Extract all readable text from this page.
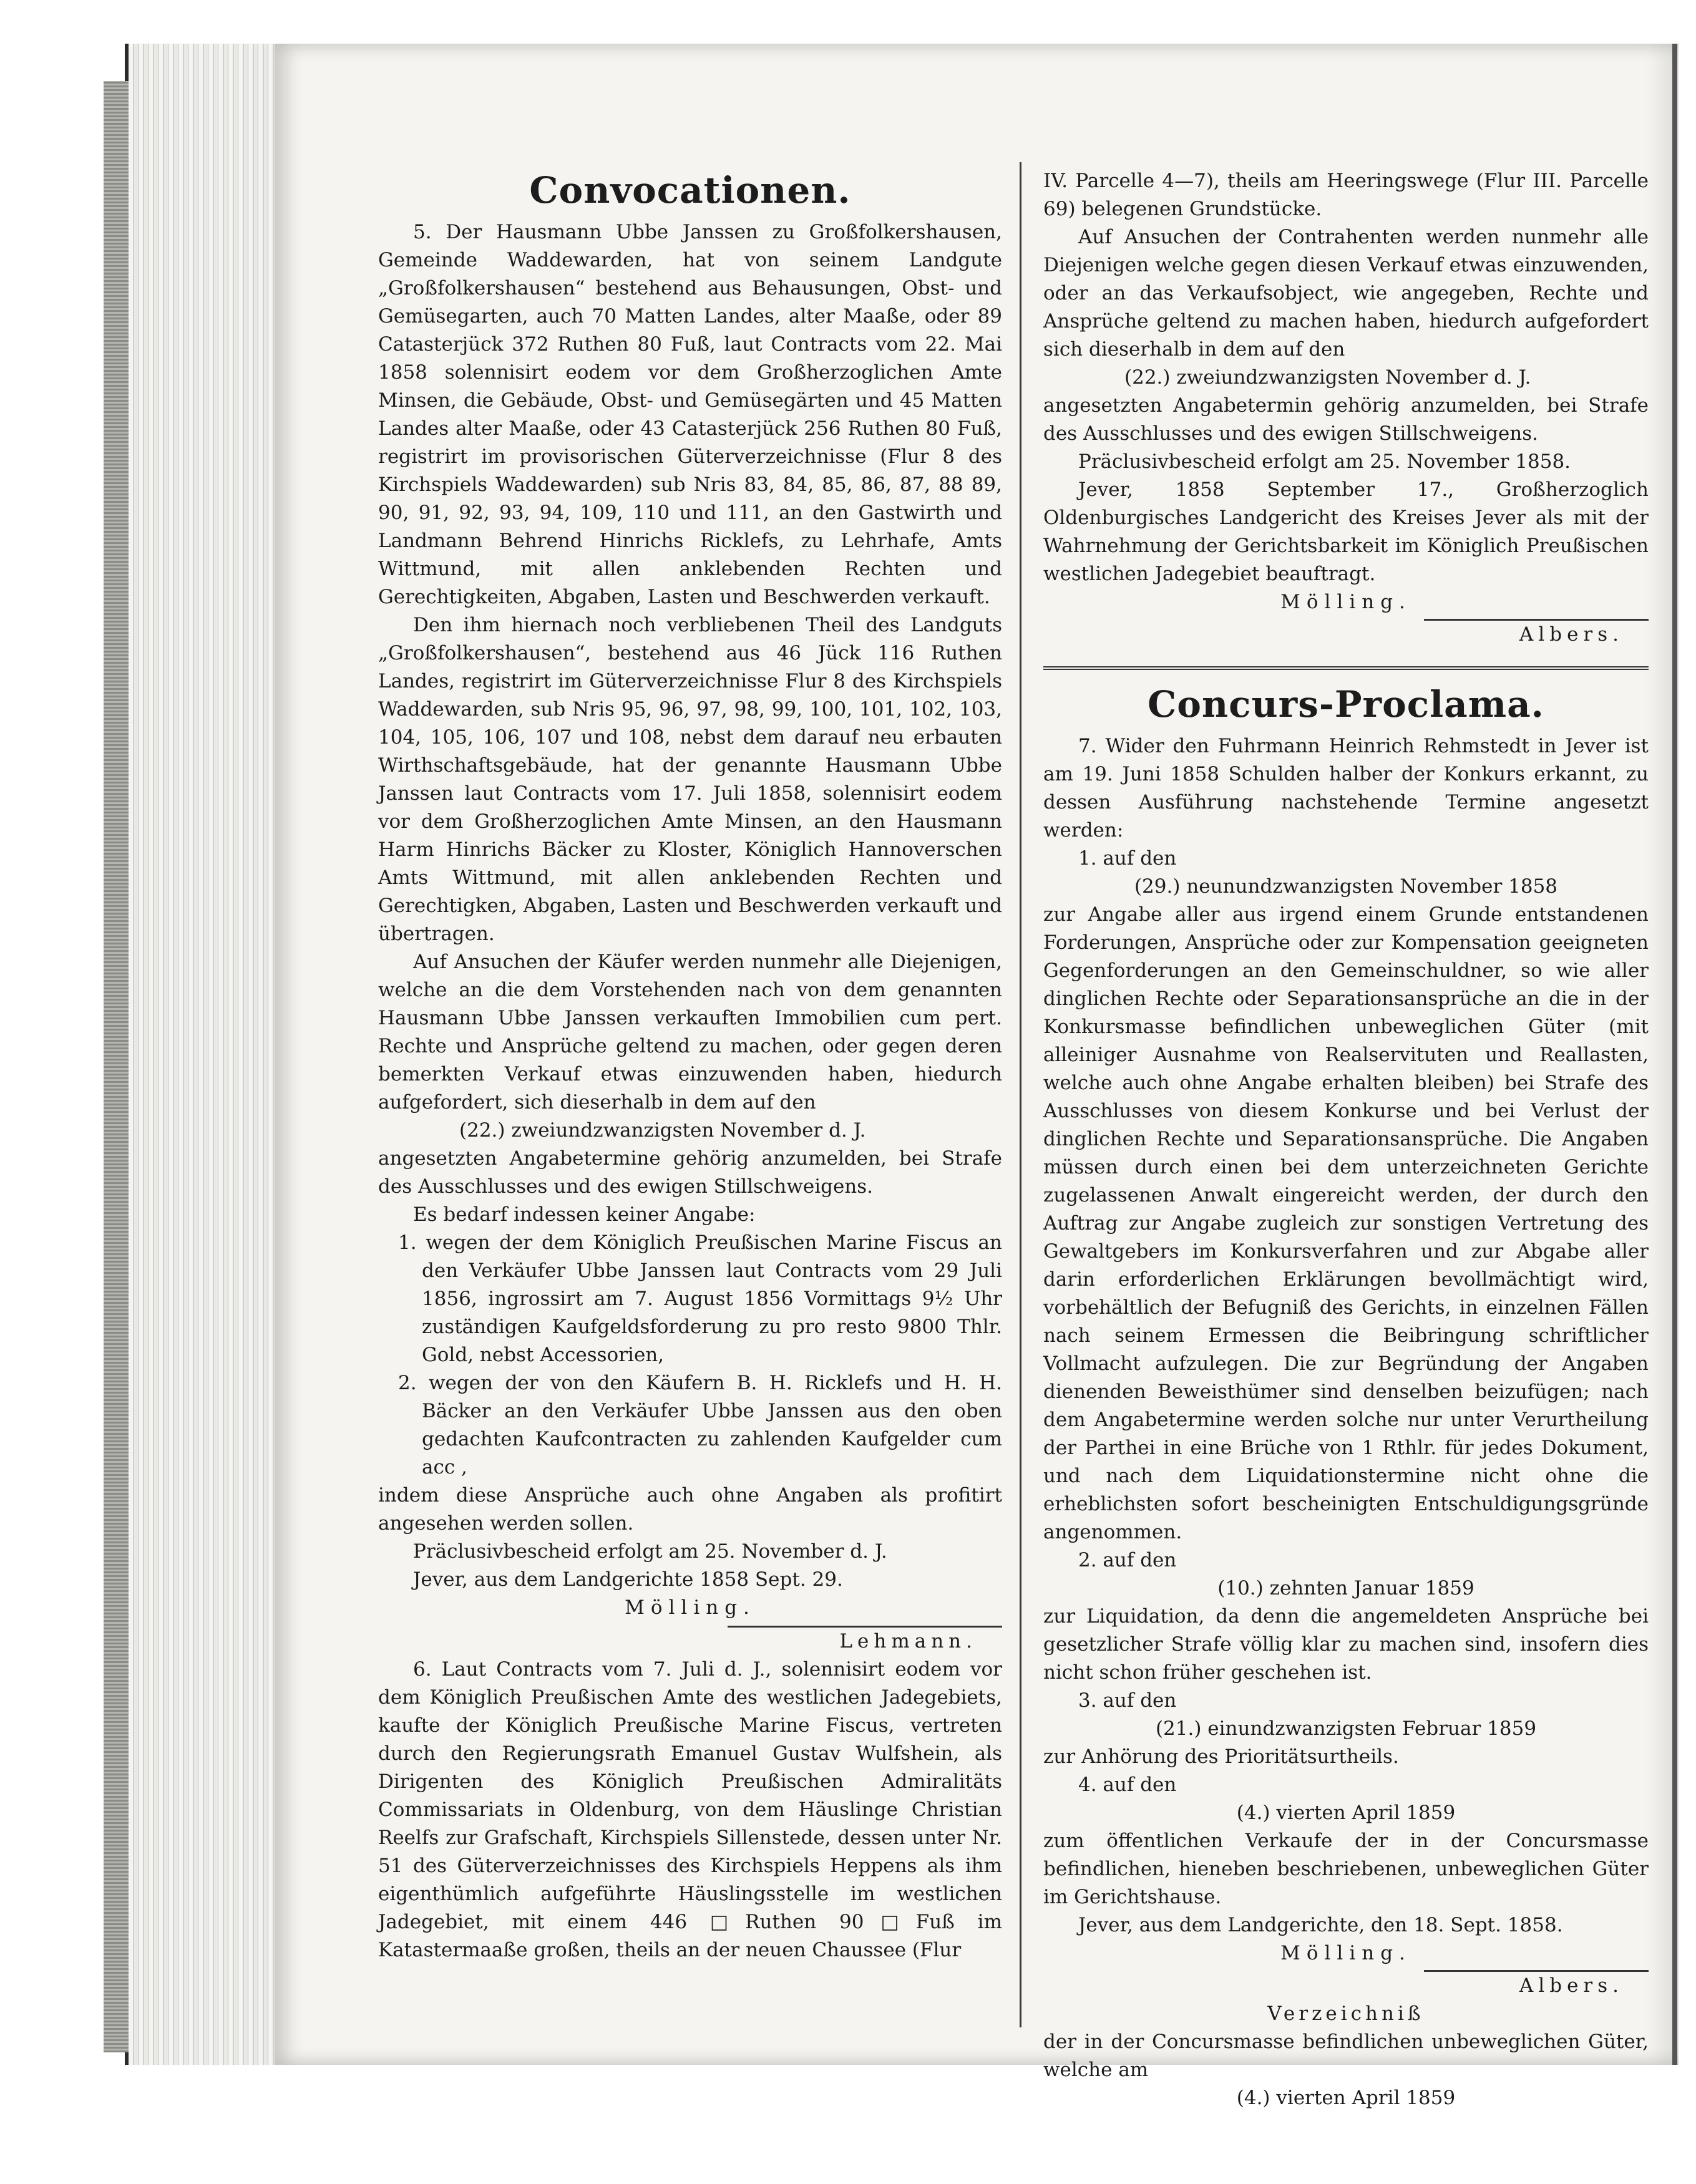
Convocationen.

5. Der Hausmann Ubbe Janssen zu Großfolkershausen, Gemeinde Waddewarden, hat von seinem Landgute „Großfolkershausen“ bestehend aus Behausungen, Obst- und Gemüsegarten, auch 70 Matten Landes, alter Maaße, oder 89 Catasterjück 372 Ruthen 80 Fuß, laut Contracts vom 22. Mai 1858 solennisirt eodem vor dem Großherzoglichen Amte Minsen, die Gebäude, Obst- und Gemüsegärten und 45 Matten Landes alter Maaße, oder 43 Catasterjück 256 Ruthen 80 Fuß, registrirt im provisorischen Güterverzeichnisse (Flur 8 des Kirchspiels Waddewarden) sub Nris 83, 84, 85, 86, 87, 88 89, 90, 91, 92, 93, 94, 109, 110 und 111, an den Gastwirth und Landmann Behrend Hinrichs Ricklefs, zu Lehrhafe, Amts Wittmund, mit allen anklebenden Rechten und Gerechtigkeiten, Abgaben, Lasten und Beschwerden verkauft.

Den ihm hiernach noch verbliebenen Theil des Landguts „Großfolkershausen“, bestehend aus 46 Jück 116 Ruthen Landes, registrirt im Güterverzeichnisse Flur 8 des Kirchspiels Waddewarden, sub Nris 95, 96, 97, 98, 99, 100, 101, 102, 103, 104, 105, 106, 107 und 108, nebst dem darauf neu erbauten Wirthschaftsgebäude, hat der genannte Hausmann Ubbe Janssen laut Contracts vom 17. Juli 1858, solennisirt eodem vor dem Großherzoglichen Amte Minsen, an den Hausmann Harm Hinrichs Bäcker zu Kloster, Königlich Hannoverschen Amts Wittmund, mit allen anklebenden Rechten und Gerechtigken, Abgaben, Lasten und Beschwerden verkauft und übertragen.

Auf Ansuchen der Käufer werden nunmehr alle Diejenigen, welche an die dem Vorstehenden nach von dem genannten Hausmann Ubbe Janssen verkauften Immobilien cum pert. Rechte und Ansprüche geltend zu machen, oder gegen deren bemerkten Verkauf etwas einzuwenden haben, hiedurch aufgefordert, sich dieserhalb in dem auf den

(22.) zweiundzwanzigsten November d. J.

angesetzten Angabetermine gehörig anzumelden, bei Strafe des Ausschlusses und des ewigen Stillschweigens.

Es bedarf indessen keiner Angabe:

1. wegen der dem Königlich Preußischen Marine Fiscus an den Verkäufer Ubbe Janssen laut Contracts vom 29 Juli 1856, ingrossirt am 7. August 1856 Vormittags 9½ Uhr zuständigen Kaufgeldsforderung zu pro resto 9800 Thlr. Gold, nebst Accessorien,

2. wegen der von den Käufern B. H. Ricklefs und H. H. Bäcker an den Verkäufer Ubbe Janssen aus den oben gedachten Kaufcontracten zu zahlenden Kaufgelder cum acc ,

indem diese Ansprüche auch ohne Angaben als profitirt angesehen werden sollen.

Präclusivbescheid erfolgt am 25. November d. J.

Jever, aus dem Landgerichte 1858 Sept. 29.

Mölling.

Lehmann.

6. Laut Contracts vom 7. Juli d. J., solennisirt eodem vor dem Königlich Preußischen Amte des westlichen Jadegebiets, kaufte der Königlich Preußische Marine Fiscus, vertreten durch den Regierungsrath Emanuel Gustav Wulfshein, als Dirigenten des Königlich Preußischen Admiralitäts Commissariats in Oldenburg, von dem Häuslinge Christian Reelfs zur Grafschaft, Kirchspiels Sillenstede, dessen unter Nr. 51 des Güterverzeichnisses des Kirchspiels Heppens als ihm eigenthümlich aufgeführte Häuslingsstelle im westlichen Jadegebiet, mit einem 446 □Ruthen 90□Fuß im Katastermaaße großen, theils an der neuen Chaussee (Flur

IV. Parcelle 4—7), theils am Heeringswege (Flur III. Parcelle 69) belegenen Grundstücke.

Auf Ansuchen der Contrahenten werden nunmehr alle Diejenigen welche gegen diesen Verkauf etwas einzuwenden, oder an das Verkaufsobject, wie angegeben, Rechte und Ansprüche geltend zu machen haben, hiedurch aufgefordert sich dieserhalb in dem auf den

(22.) zweiundzwanzigsten November d. J.

angesetzten Angabetermin gehörig anzumelden, bei Strafe des Ausschlusses und des ewigen Stillschweigens.

Präclusivbescheid erfolgt am 25. November 1858.

Jever, 1858 September 17., Großherzoglich Oldenburgisches Landgericht des Kreises Jever als mit der Wahrnehmung der Gerichtsbarkeit im Königlich Preußischen westlichen Jadegebiet beauftragt.

Mölling.

Albers.

Concurs-Proclama.

7. Wider den Fuhrmann Heinrich Rehmstedt in Jever ist am 19. Juni 1858 Schulden halber der Konkurs erkannt, zu dessen Ausführung nachstehende Termine angesetzt werden:

1. auf den

(29.) neunundzwanzigsten November 1858

zur Angabe aller aus irgend einem Grunde entstandenen Forderungen, Ansprüche oder zur Kompensation geeigneten Gegenforderungen an den Gemeinschuldner, so wie aller dinglichen Rechte oder Separationsansprüche an die in der Konkursmasse befindlichen unbeweglichen Güter (mit alleiniger Ausnahme von Realservituten und Reallasten, welche auch ohne Angabe erhalten bleiben) bei Strafe des Ausschlusses von diesem Konkurse und bei Verlust der dinglichen Rechte und Separationsansprüche. Die Angaben müssen durch einen bei dem unterzeichneten Gerichte zugelassenen Anwalt eingereicht werden, der durch den Auftrag zur Angabe zugleich zur sonstigen Vertretung des Gewaltgebers im Konkursverfahren und zur Abgabe aller darin erforderlichen Erklärungen bevollmächtigt wird, vorbehältlich der Befugniß des Gerichts, in einzelnen Fällen nach seinem Ermessen die Beibringung schriftlicher Vollmacht aufzulegen. Die zur Begründung der Angaben dienenden Beweisthümer sind denselben beizufügen; nach dem Angabetermine werden solche nur unter Verurtheilung der Parthei in eine Brüche von 1 Rthlr. für jedes Dokument, und nach dem Liquidationstermine nicht ohne die erheblichsten sofort bescheinigten Entschuldigungsgründe angenommen.

2. auf den

(10.) zehnten Januar 1859

zur Liquidation, da denn die angemeldeten Ansprüche bei gesetzlicher Strafe völlig klar zu machen sind, insofern dies nicht schon früher geschehen ist.

3. auf den

(21.) einundzwanzigsten Februar 1859

zur Anhörung des Prioritätsurtheils.

4. auf den

(4.) vierten April 1859

zum öffentlichen Verkaufe der in der Concursmasse befindlichen, hieneben beschriebenen, unbeweglichen Güter im Gerichtshause.

Jever, aus dem Landgerichte, den 18. Sept. 1858.

Mölling.

Albers.

Verzeichniß

der in der Concursmasse befindlichen unbeweglichen Güter, welche am

(4.) vierten April 1859
